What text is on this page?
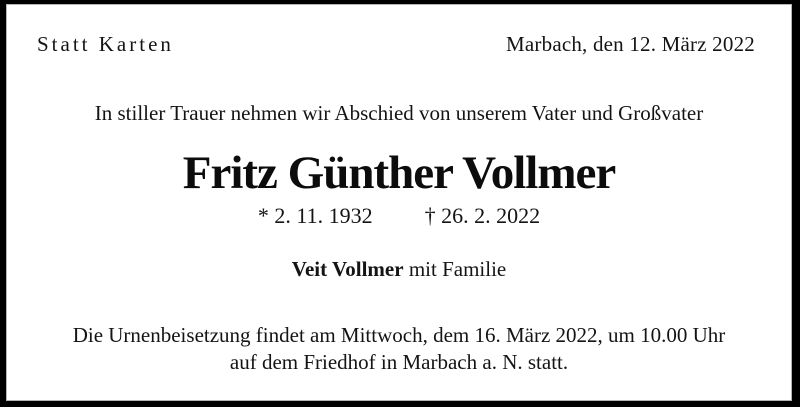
Statt Karten	Marbach, den 12. März 2022
In stiller Trauer nehmen wir Abschied von unserem Vater und Großvater
Fritz Günther Vollmer
* 2. 11. 1932 † 26. 2. 2022
Veit Vollmer mit Familie
Die Urnenbeisetzung findet am Mittwoch, dem 16. März 2022, um 10.00 Uhr
auf dem Friedhof in Marbach a. N. statt.
